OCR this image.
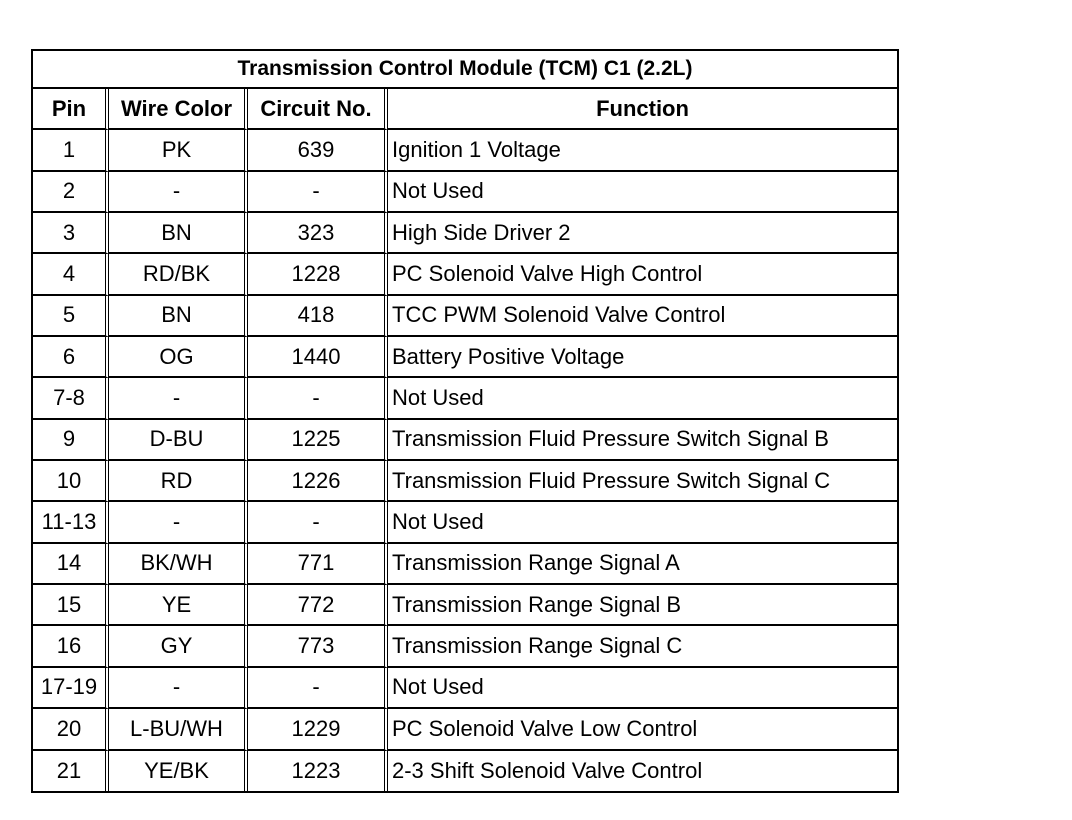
Transmission Control Module (TCM) C1 (2.2L)
Pin	Wire Color	Circuit No.	Function
1	PK	639	Ignition 1 Voltage
2	-	-	Not Used
3	BN	323	High Side Driver 2
4	RD/BK	1228	PC Solenoid Valve High Control
5	BN	418	TCC PWM Solenoid Valve Control
6	OG	1440	Battery Positive Voltage
7-8	-	-	Not Used
9	D-BU	1225	Transmission Fluid Pressure Switch Signal B
10	RD	1226	Transmission Fluid Pressure Switch Signal C
11-13	-	-	Not Used
14	BK/WH	771	Transmission Range Signal A
15	YE	772	Transmission Range Signal B
16	GY	773	Transmission Range Signal C
17-19	-	-	Not Used
20	L-BU/WH	1229	PC Solenoid Valve Low Control
21	YE/BK	1223	2-3 Shift Solenoid Valve Control
